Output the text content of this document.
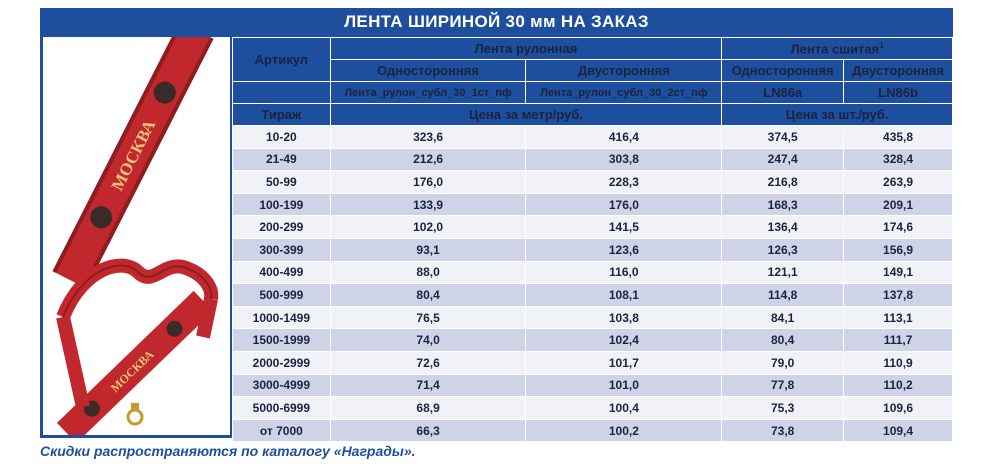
ЛЕНТА ШИРИНОЙ 30 мм НА ЗАКАЗ
МОСКВА
МОСКВА
Артикул	Лента рулонная		Лента сшитая$^1$
	Односторонняя	Двусторонняя	Односторонняя	Двусторонняя
	Лента_рулон_субл_30_1ст_пф	Лента_рулон_субл_30_2ст_пф	LN86a	LN86b
Тираж	Цена за метр/руб.		Цена за шт./руб.	
10-20	323,6	416,4	374,5	435,8
21-49	212,6	303,8	247,4	328,4
50-99	176,0	228,3	216,8	263,9
100-199	133,9	176,0	168,3	209,1
200-299	102,0	141,5	136,4	174,6
300-399	93,1	123,6	126,3	156,9
400-499	88,0	116,0	121,1	149,1
500-999	80,4	108,1	114,8	137,8
1000-1499	76,5	103,8	84,1	113,1
1500-1999	74,0	102,4	80,4	111,7
2000-2999	72,6	101,7	79,0	110,9
3000-4999	71,4	101,0	77,8	110,2
5000-6999	68,9	100,4	75,3	109,6
от 7000	66,3	100,2	73,8	109,4
Скидки распространяются по каталогу «Награды».
